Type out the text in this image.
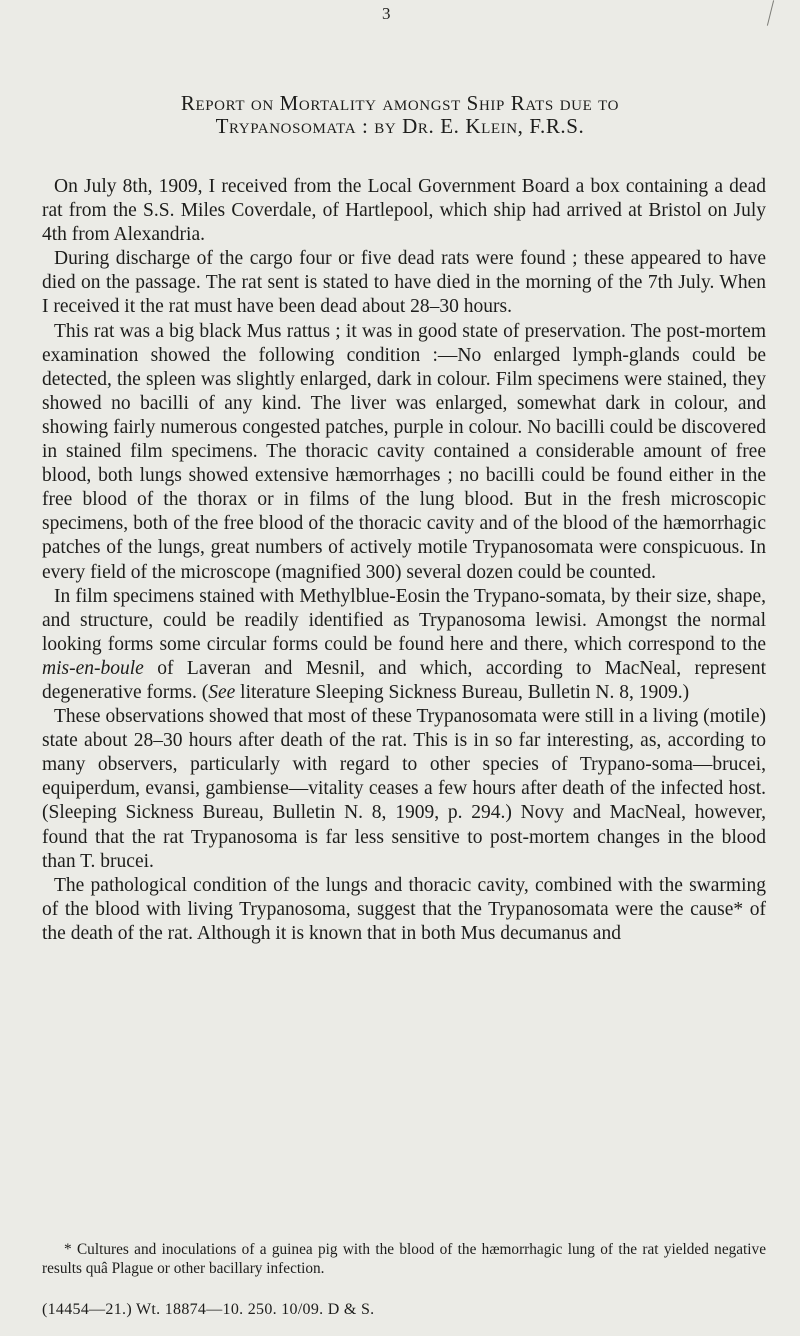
3
Report on Mortality amongst Ship Rats due to
Trypanosomata : by Dr. E. Klein, F.R.S.

On July 8th, 1909, I received from the Local Government Board a box containing a dead rat from the S.S. Miles Coverdale, of Hartlepool, which ship had arrived at Bristol on July 4th from Alexandria.

During discharge of the cargo four or five dead rats were found ; these appeared to have died on the passage. The rat sent is stated to have died in the morning of the 7th July. When I received it the rat must have been dead about 28–30 hours.

This rat was a big black Mus rattus ; it was in good state of preservation. The post-mortem examination showed the following condition :—No enlarged lymph-glands could be detected, the spleen was slightly enlarged, dark in colour. Film specimens were stained, they showed no bacilli of any kind. The liver was enlarged, somewhat dark in colour, and showing fairly numerous congested patches, purple in colour. No bacilli could be discovered in stained film specimens. The thoracic cavity contained a considerable amount of free blood, both lungs showed extensive hæmorrhages ; no bacilli could be found either in the free blood of the thorax or in films of the lung blood. But in the fresh microscopic specimens, both of the free blood of the thoracic cavity and of the blood of the hæmorrhagic patches of the lungs, great numbers of actively motile Trypanosomata were conspicuous. In every field of the microscope (magnified 300) several dozen could be counted.

In film specimens stained with Methylblue-Eosin the Trypano-somata, by their size, shape, and structure, could be readily identified as Trypanosoma lewisi. Amongst the normal looking forms some circular forms could be found here and there, which correspond to the mis-en-boule of Laveran and Mesnil, and which, according to MacNeal, represent degenerative forms. (See literature Sleeping Sickness Bureau, Bulletin N. 8, 1909.)

These observations showed that most of these Trypanosomata were still in a living (motile) state about 28–30 hours after death of the rat. This is in so far interesting, as, according to many observers, particularly with regard to other species of Trypano-soma—brucei, equiperdum, evansi, gambiense—vitality ceases a few hours after death of the infected host. (Sleeping Sickness Bureau, Bulletin N. 8, 1909, p. 294.) Novy and MacNeal, however, found that the rat Trypanosoma is far less sensitive to post-mortem changes in the blood than T. brucei.

The pathological condition of the lungs and thoracic cavity, combined with the swarming of the blood with living Trypanosoma, suggest that the Trypanosomata were the cause* of the death of the rat. Although it is known that in both Mus decumanus and

* Cultures and inoculations of a guinea pig with the blood of the hæmorrhagic lung of the rat yielded negative results quâ Plague or other bacillary infection.

(14454—21.) Wt. 18874—10. 250. 10/09. D & S.
